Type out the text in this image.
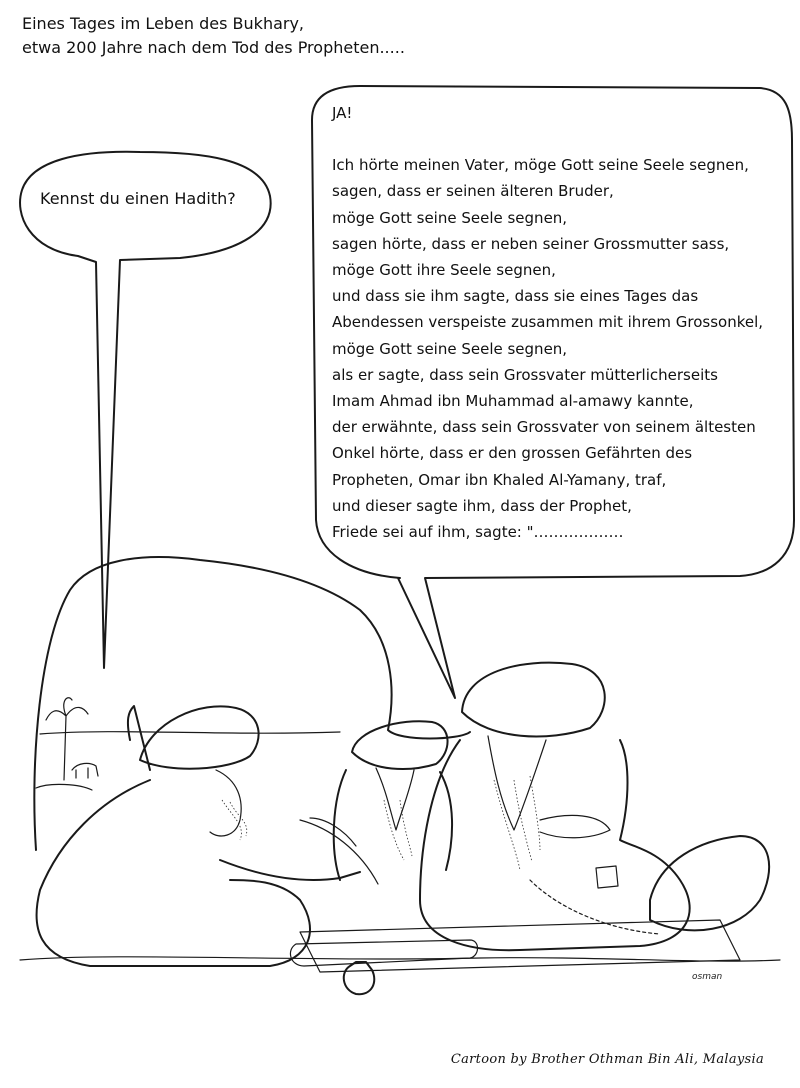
Eines Tages im Leben des Bukhary,
etwa 200 Jahre nach dem Tod des Propheten.....
Kennst du einen Hadith?
JA!
Ich hörte meinen Vater, möge Gott seine Seele segnen,
sagen, dass er seinen älteren Bruder,
möge Gott seine Seele segnen,
sagen hörte, dass er neben seiner Grossmutter sass,
möge Gott ihre Seele segnen,
und dass sie ihm sagte, dass sie eines Tages das
Abendessen verspeiste zusammen mit ihrem Grossonkel,
möge Gott seine Seele segnen,
als er sagte, dass sein Grossvater mütterlicherseits
Imam Ahmad ibn Muhammad al-amawy kannte,
der erwähnte, dass sein Grossvater von seinem ältesten
Onkel hörte, dass er den grossen Gefährten des
Propheten, Omar ibn Khaled Al-Yamany, traf,
und dieser sagte ihm, dass der Prophet,
Friede sei auf ihm, sagte: "………………
osman
Cartoon by Brother Othman Bin Ali, Malaysia
